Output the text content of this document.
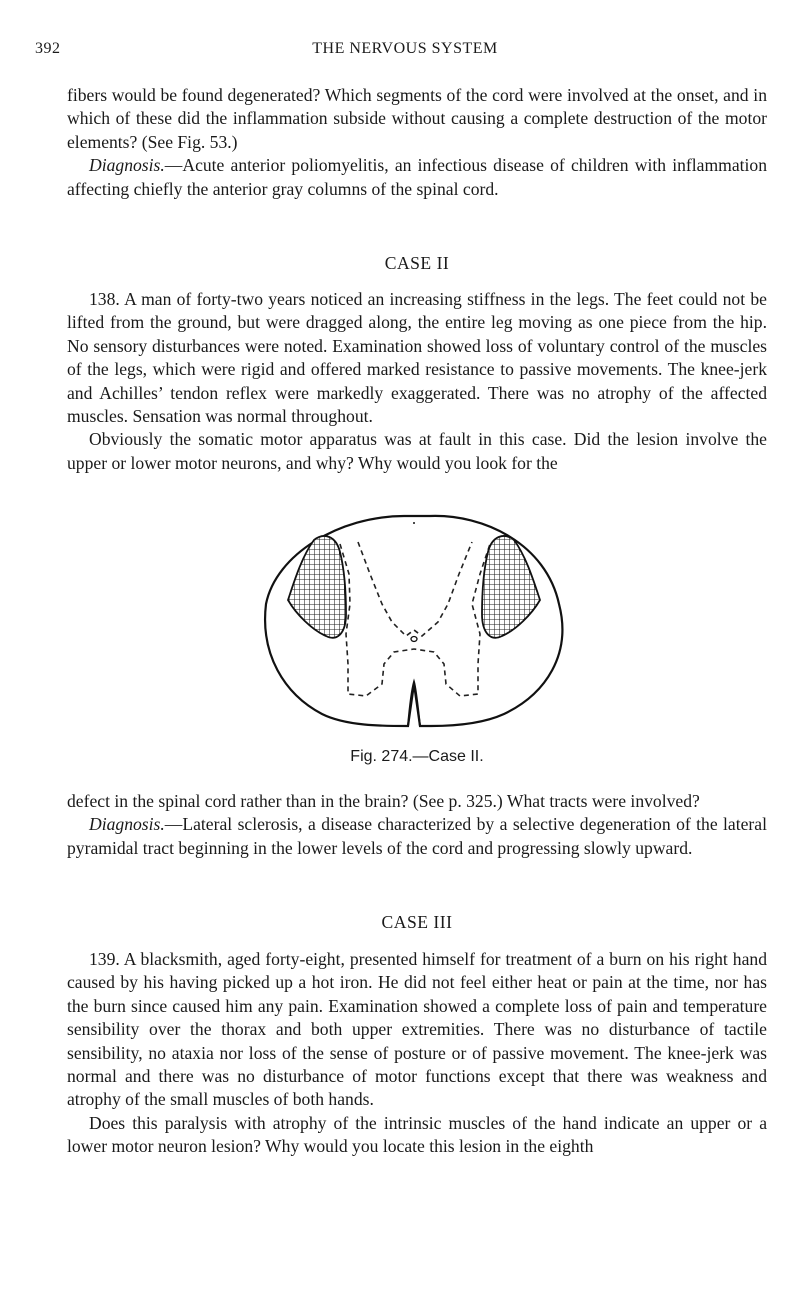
392	THE NERVOUS SYSTEM

fibers would be found degenerated? Which segments of the cord were involved at the onset, and in which of these did the inflammation subside without causing a complete destruction of the motor elements? (See Fig. 53.)

Diagnosis.—Acute anterior poliomyelitis, an infectious disease of children with inflammation affecting chiefly the anterior gray columns of the spinal cord.

CASE II

138. A man of forty-two years noticed an increasing stiffness in the legs. The feet could not be lifted from the ground, but were dragged along, the entire leg moving as one piece from the hip. No sensory disturbances were noted. Examination showed loss of voluntary control of the muscles of the legs, which were rigid and offered marked resistance to passive movements. The knee-jerk and Achilles’ tendon reflex were markedly exaggerated. There was no atrophy of the affected muscles. Sensation was normal throughout.

Obviously the somatic motor apparatus was at fault in this case. Did the lesion involve the upper or lower motor neurons, and why? Why would you look for the

Fig. 274.—Case II.

defect in the spinal cord rather than in the brain? (See p. 325.) What tracts were involved?

Diagnosis.—Lateral sclerosis, a disease characterized by a selective degeneration of the lateral pyramidal tract beginning in the lower levels of the cord and progressing slowly upward.

CASE III

139. A blacksmith, aged forty-eight, presented himself for treatment of a burn on his right hand caused by his having picked up a hot iron. He did not feel either heat or pain at the time, nor has the burn since caused him any pain. Examination showed a complete loss of pain and temperature sensibility over the thorax and both upper extremities. There was no disturbance of tactile sensibility, no ataxia nor loss of the sense of posture or of passive movement. The knee-jerk was normal and there was no disturbance of motor functions except that there was weakness and atrophy of the small muscles of both hands.

Does this paralysis with atrophy of the intrinsic muscles of the hand indicate an upper or a lower motor neuron lesion? Why would you locate this lesion in the eighth
